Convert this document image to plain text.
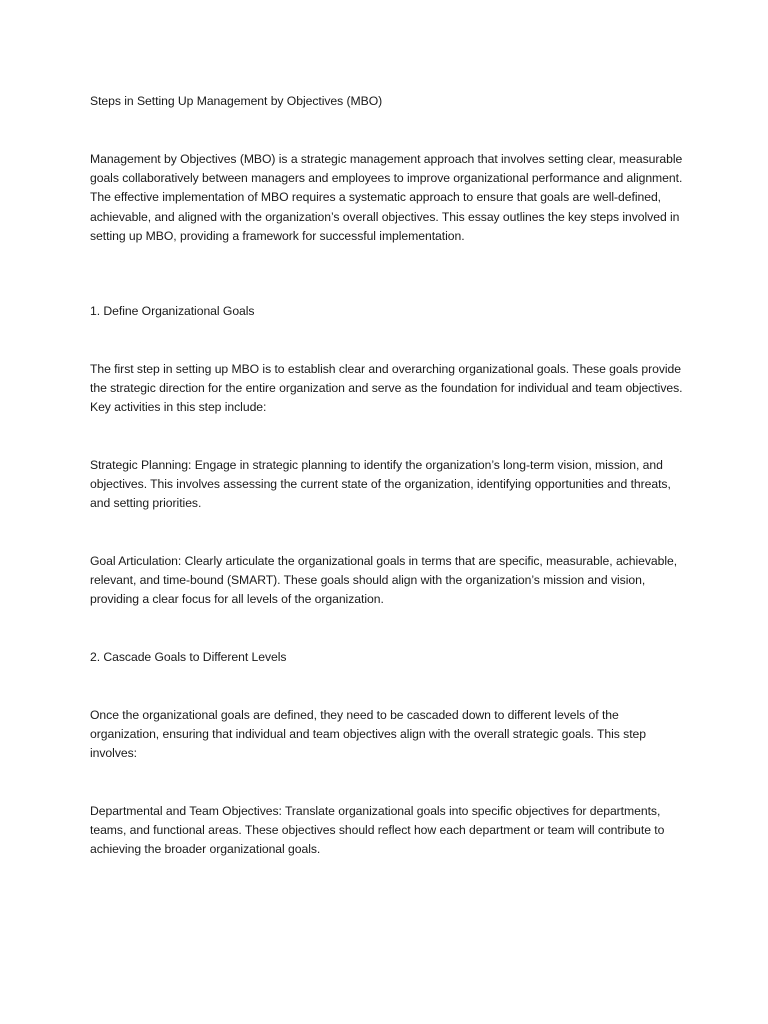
Steps in Setting Up Management by Objectives (MBO)

Management by Objectives (MBO) is a strategic management approach that involves setting clear, measurable goals collaboratively between managers and employees to improve organizational performance and alignment. The effective implementation of MBO requires a systematic approach to ensure that goals are well-defined, achievable, and aligned with the organization’s overall objectives. This essay outlines the key steps involved in setting up MBO, providing a framework for successful implementation.

1. Define Organizational Goals

The first step in setting up MBO is to establish clear and overarching organizational goals. These goals provide the strategic direction for the entire organization and serve as the foundation for individual and team objectives. Key activities in this step include:

Strategic Planning: Engage in strategic planning to identify the organization’s long-term vision, mission, and objectives. This involves assessing the current state of the organization, identifying opportunities and threats, and setting priorities.

Goal Articulation: Clearly articulate the organizational goals in terms that are specific, measurable, achievable, relevant, and time-bound (SMART). These goals should align with the organization’s mission and vision, providing a clear focus for all levels of the organization.

2. Cascade Goals to Different Levels

Once the organizational goals are defined, they need to be cascaded down to different levels of the organization, ensuring that individual and team objectives align with the overall strategic goals. This step involves:

Departmental and Team Objectives: Translate organizational goals into specific objectives for departments, teams, and functional areas. These objectives should reflect how each department or team will contribute to achieving the broader organizational goals.
